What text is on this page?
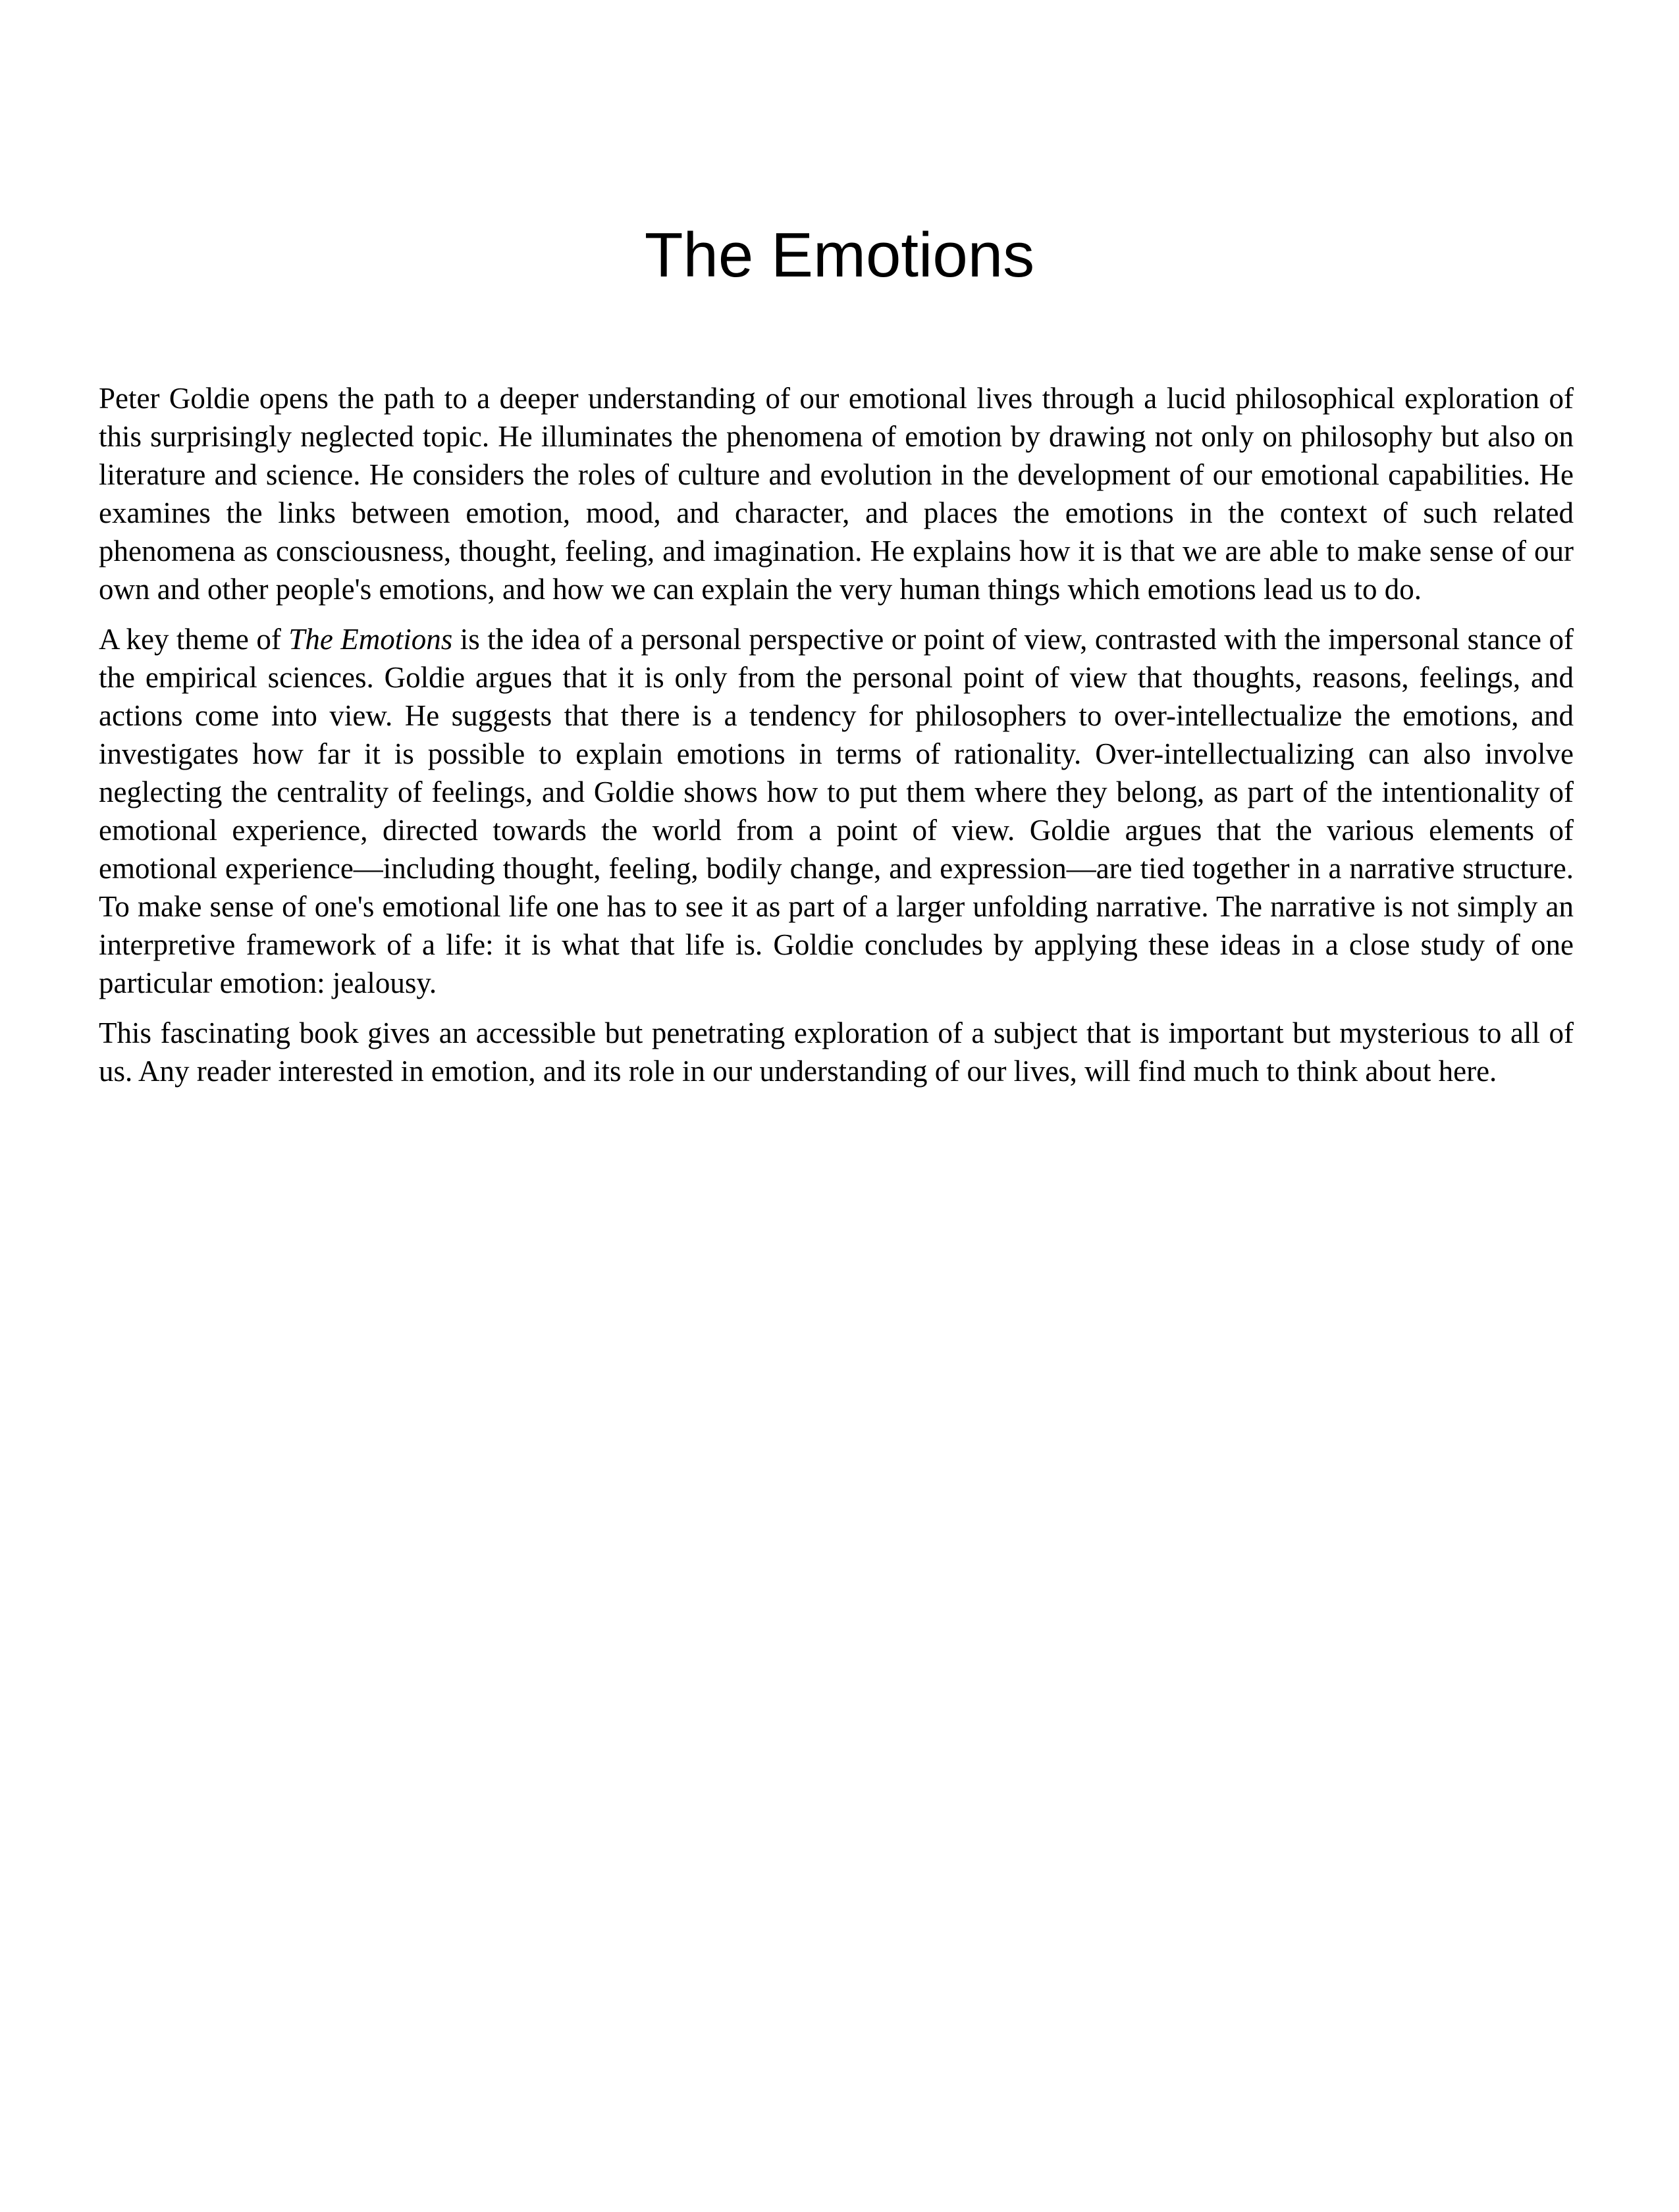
The Emotions

Peter Goldie opens the path to a deeper understanding of our emotional lives through a lucid philosophical exploration of this surprisingly neglected topic. He illuminates the phenomena of emotion by drawing not only on philosophy but also on literature and science. He considers the roles of culture and evolution in the development of our emotional capabilities. He examines the links between emotion, mood, and character, and places the emotions in the context of such related phenomena as consciousness, thought, feeling, and imagination. He explains how it is that we are able to make sense of our own and other people's emotions, and how we can explain the very human things which emotions lead us to do.

A key theme of The Emotions is the idea of a personal perspective or point of view, contrasted with the impersonal stance of the empirical sciences. Goldie argues that it is only from the personal point of view that thoughts, reasons, feelings, and actions come into view. He suggests that there is a tendency for philosophers to over-intellectualize the emotions, and investigates how far it is possible to explain emotions in terms of rationality. Over-intellectualizing can also involve neglecting the centrality of feelings, and Goldie shows how to put them where they belong, as part of the intentionality of emotional experience, directed towards the world from a point of view. Goldie argues that the various elements of emotional experience—including thought, feeling, bodily change, and expression—are tied together in a narrative structure. To make sense of one's emotional life one has to see it as part of a larger unfolding narrative. The narrative is not simply an interpretive framework of a life: it is what that life is. Goldie concludes by applying these ideas in a close study of one particular emotion: jealousy.

This fascinating book gives an accessible but penetrating exploration of a subject that is important but mysterious to all of us. Any reader interested in emotion, and its role in our understanding of our lives, will find much to think about here.
